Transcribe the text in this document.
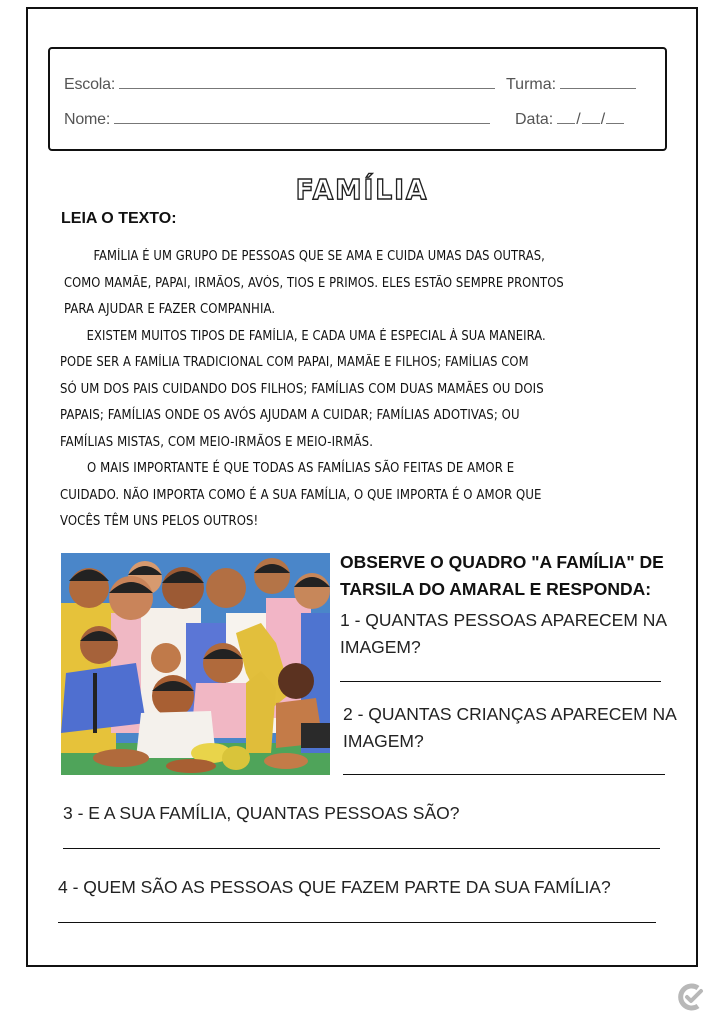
Escola:	Turma:
Nome:	Data: / /
FAMÍLIA
LEIA O TEXTO:
FAMÍLIA É UM GRUPO DE PESSOAS QUE SE AMA E CUIDA UMAS DAS OUTRAS,
COMO MAMÃE, PAPAI, IRMÃOS, AVÓS, TIOS E PRIMOS. ELES ESTÃO SEMPRE PRONTOS
PARA AJUDAR E FAZER COMPANHIA.
EXISTEM MUITOS TIPOS DE FAMÍLIA, E CADA UMA É ESPECIAL À SUA MANEIRA.
PODE SER A FAMÍLIA TRADICIONAL COM PAPAI, MAMÃE E FILHOS; FAMÍLIAS COM
SÓ UM DOS PAIS CUIDANDO DOS FILHOS; FAMÍLIAS COM DUAS MAMÃES OU DOIS
PAPAIS; FAMÍLIAS ONDE OS AVÓS AJUDAM A CUIDAR; FAMÍLIAS ADOTIVAS; OU
FAMÍLIAS MISTAS, COM MEIO-IRMÃOS E MEIO-IRMÃS.
O MAIS IMPORTANTE É QUE TODAS AS FAMÍLIAS SÃO FEITAS DE AMOR E
CUIDADO. NÃO IMPORTA COMO É A SUA FAMÍLIA, O QUE IMPORTA É O AMOR QUE
VOCÊS TÊM UNS PELOS OUTROS!
OBSERVE O QUADRO "A FAMÍLIA" DE TARSILA DO AMARAL E RESPONDA:
1 - QUANTAS PESSOAS APARECEM NA IMAGEM?
2 - QUANTAS CRIANÇAS APARECEM NA IMAGEM?
3 - E A SUA FAMÍLIA, QUANTAS PESSOAS SÃO?
4 - QUEM SÃO AS PESSOAS QUE FAZEM PARTE DA SUA FAMÍLIA?
